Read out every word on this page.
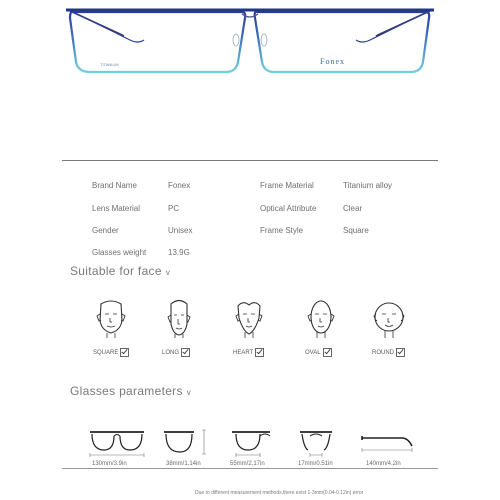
TITANIUM	Fonex
Brand Name	Fonex	Frame Material	Titanium alloy
Lens Material	PC	Optical Attribute	Clear
Gender	Unisex	Frame Style	Square
Glasses weight	13.9G
Suitable for face v
SQUARE	LONG	HEART	OVAL	ROUND
Glasses parameters v
130mm/3.9in	38mm/1.14in	55mm/2.17in	17mm/0.51in	140mm/4.2in
Due to different measurement methods,there exist 1-3mm(0.04-0.12in) error
